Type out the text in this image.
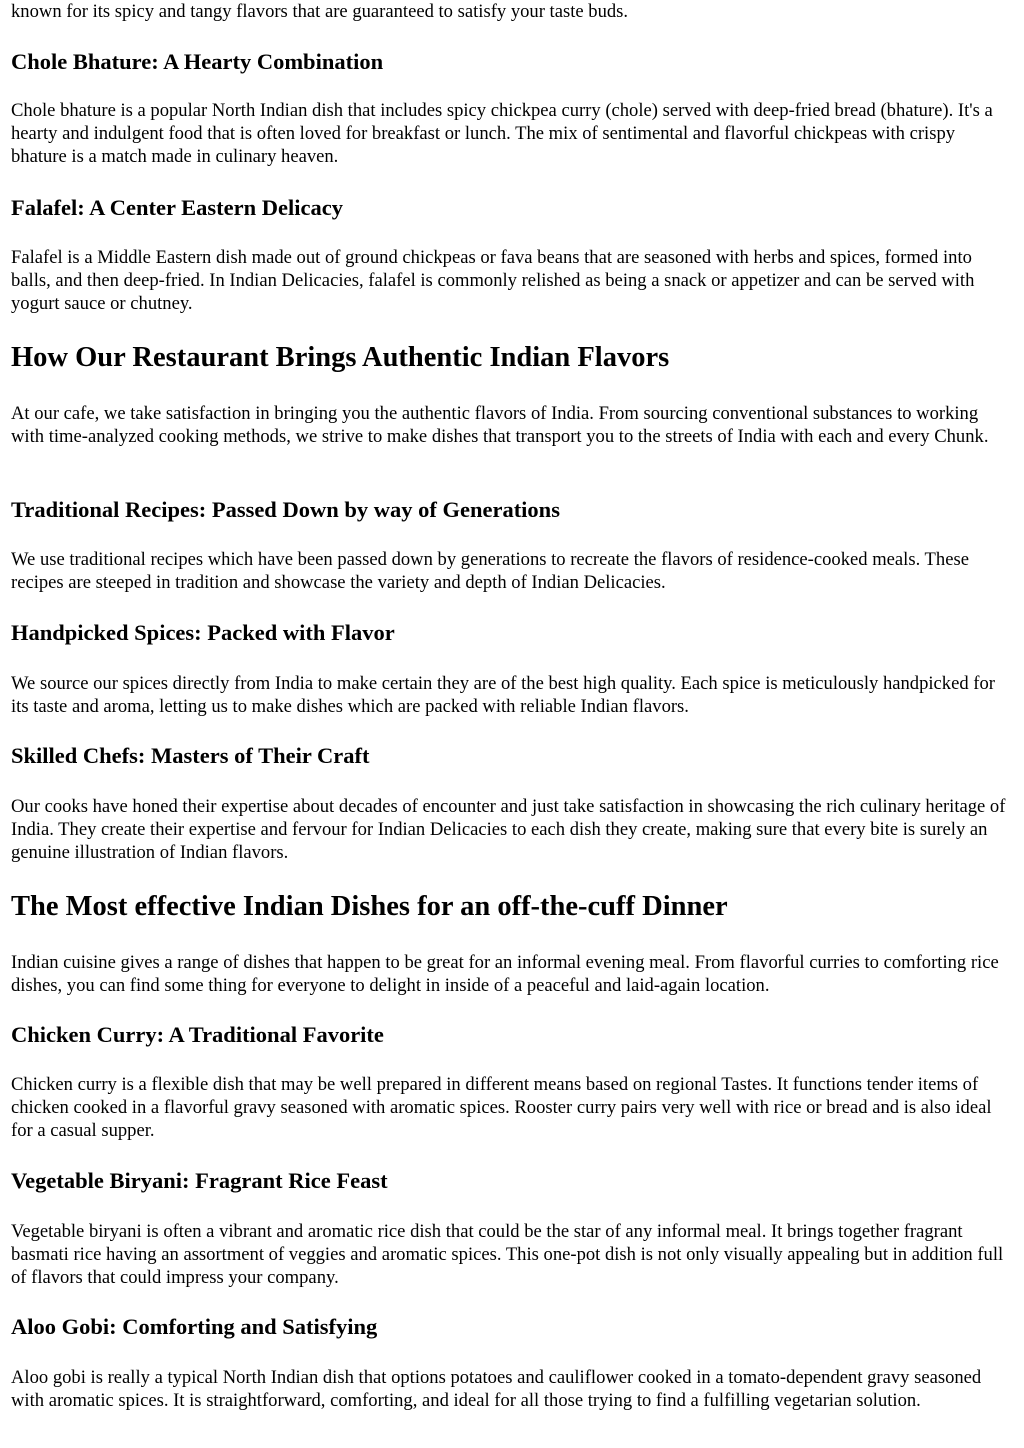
known for its spicy and tangy flavors that are guaranteed to satisfy your taste buds.

Chole Bhature: A Hearty Combination

Chole bhature is a popular North Indian dish that includes spicy chickpea curry (chole) served with deep-fried bread (bhature). It's a hearty and indulgent food that is often loved for breakfast or lunch. The mix of sentimental and flavorful chickpeas with crispy bhature is a match made in culinary heaven.

Falafel: A Center Eastern Delicacy

Falafel is a Middle Eastern dish made out of ground chickpeas or fava beans that are seasoned with herbs and spices, formed into balls, and then deep-fried. In Indian Delicacies, falafel is commonly relished as being a snack or appetizer and can be served with yogurt sauce or chutney.

How Our Restaurant Brings Authentic Indian Flavors

At our cafe, we take satisfaction in bringing you the authentic flavors of India. From sourcing conventional substances to working with time-analyzed cooking methods, we strive to make dishes that transport you to the streets of India with each and every Chunk.

Traditional Recipes: Passed Down by way of Generations

We use traditional recipes which have been passed down by generations to recreate the flavors of residence-cooked meals. These recipes are steeped in tradition and showcase the variety and depth of Indian Delicacies.

Handpicked Spices: Packed with Flavor

We source our spices directly from India to make certain they are of the best high quality. Each spice is meticulously handpicked for its taste and aroma, letting us to make dishes which are packed with reliable Indian flavors.

Skilled Chefs: Masters of Their Craft

Our cooks have honed their expertise about decades of encounter and just take satisfaction in showcasing the rich culinary heritage of India. They create their expertise and fervour for Indian Delicacies to each dish they create, making sure that every bite is surely an genuine illustration of Indian flavors.

The Most effective Indian Dishes for an off-the-cuff Dinner

Indian cuisine gives a range of dishes that happen to be great for an informal evening meal. From flavorful curries to comforting rice dishes, you can find some thing for everyone to delight in inside of a peaceful and laid-again location.

Chicken Curry: A Traditional Favorite

Chicken curry is a flexible dish that may be well prepared in different means based on regional Tastes. It functions tender items of chicken cooked in a flavorful gravy seasoned with aromatic spices. Rooster curry pairs very well with rice or bread and is also ideal for a casual supper.

Vegetable Biryani: Fragrant Rice Feast

Vegetable biryani is often a vibrant and aromatic rice dish that could be the star of any informal meal. It brings together fragrant basmati rice having an assortment of veggies and aromatic spices. This one-pot dish is not only visually appealing but in addition full of flavors that could impress your company.

Aloo Gobi: Comforting and Satisfying

Aloo gobi is really a typical North Indian dish that options potatoes and cauliflower cooked in a tomato-dependent gravy seasoned with aromatic spices. It is straightforward, comforting, and ideal for all those trying to find a fulfilling vegetarian solution.
